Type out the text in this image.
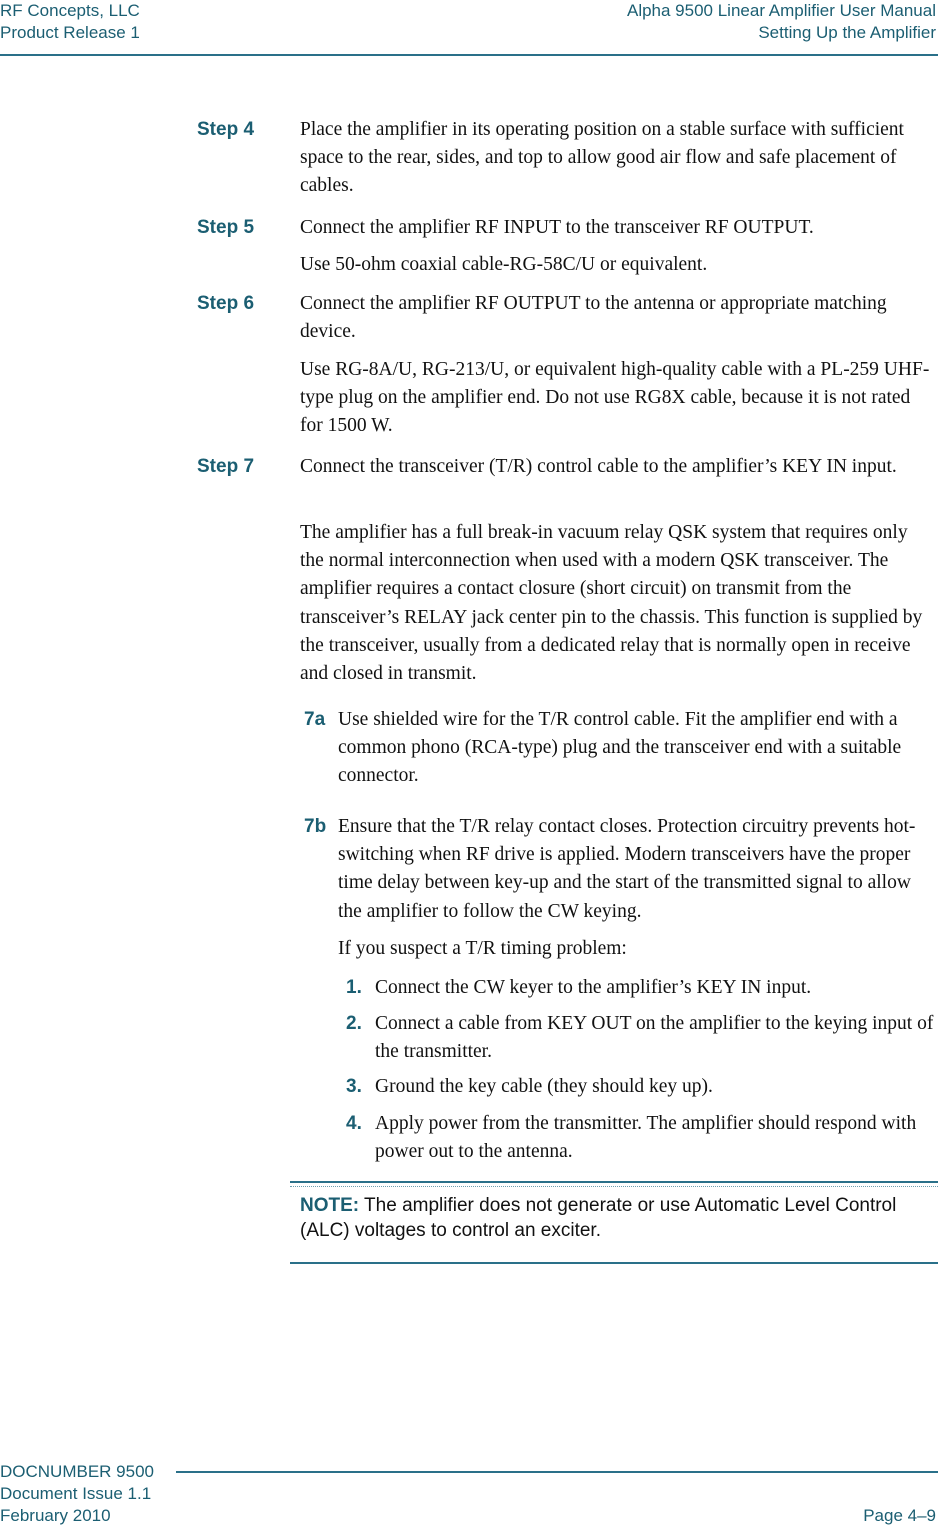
RF Concepts, LLC
Product Release 1
Alpha 9500 Linear Amplifier User Manual
Setting Up the Amplifier
Step 4 Place the amplifier in its operating position on a stable surface with sufficient space to the rear, sides, and top to allow good air flow and safe placement of cables.
Step 5 Connect the amplifier RF INPUT to the transceiver RF OUTPUT.
Use 50-ohm coaxial cable-RG-58C/U or equivalent.
Step 6 Connect the amplifier RF OUTPUT to the antenna or appropriate matching device.
Use RG-8A/U, RG-213/U, or equivalent high-quality cable with a PL-259 UHF-type plug on the amplifier end. Do not use RG8X cable, because it is not rated for 1500 W.
Step 7 Connect the transceiver (T/R) control cable to the amplifier’s KEY IN input.
The amplifier has a full break-in vacuum relay QSK system that requires only the normal interconnection when used with a modern QSK transceiver. The amplifier requires a contact closure (short circuit) on transmit from the transceiver’s RELAY jack center pin to the chassis. This function is supplied by the transceiver, usually from a dedicated relay that is normally open in receive and closed in transmit.
7a Use shielded wire for the T/R control cable. Fit the amplifier end with a common phono (RCA-type) plug and the transceiver end with a suitable connector.
7b Ensure that the T/R relay contact closes. Protection circuitry prevents hot-switching when RF drive is applied. Modern transceivers have the proper time delay between key-up and the start of the transmitted signal to allow the amplifier to follow the CW keying.
If you suspect a T/R timing problem:
1. Connect the CW keyer to the amplifier’s KEY IN input.
2. Connect a cable from KEY OUT on the amplifier to the keying input of the transmitter.
3. Ground the key cable (they should key up).
4. Apply power from the transmitter. The amplifier should respond with power out to the antenna.
NOTE: The amplifier does not generate or use Automatic Level Control (ALC) voltages to control an exciter.
DOCNUMBER 9500
Document Issue 1.1
February 2010	Page 4–9
